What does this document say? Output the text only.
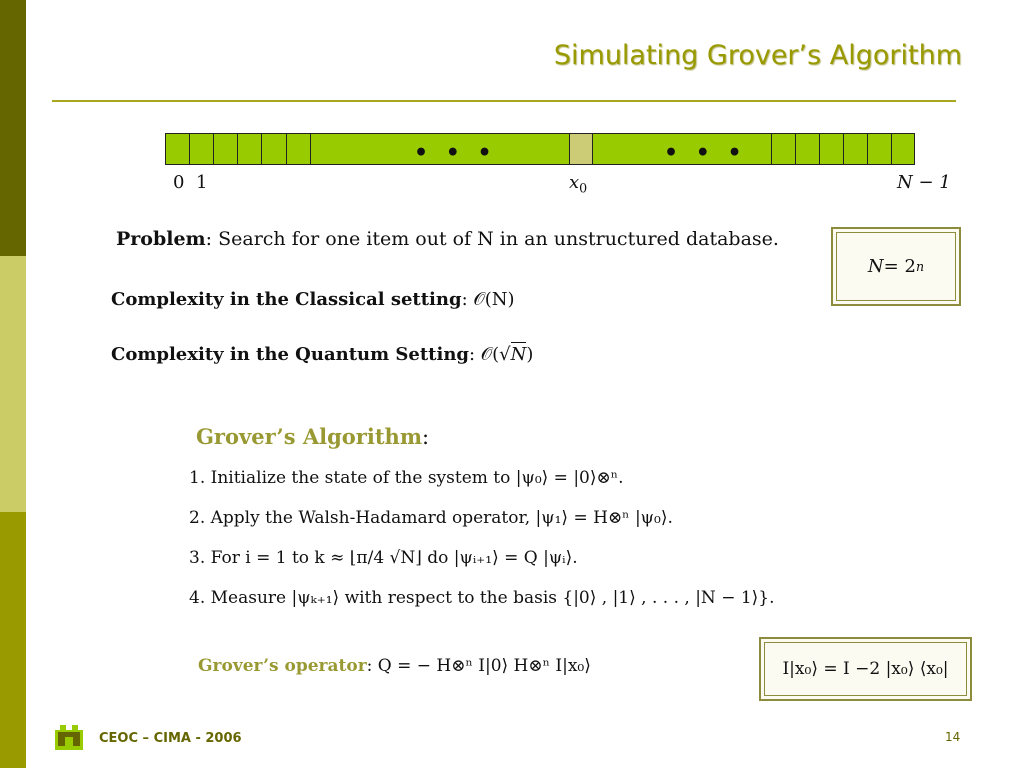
Simulating Grover’s Algorithm
• • •	• • •
0 1	$x_0$	N − 1
Problem: Search for one item out of N in an unstructured database.
Complexity in the Classical setting: 𝒪(N)
Complexity in the Quantum Setting: 𝒪(√N)
N = 2 n
Grover’s Algorithm:
1. Initialize the state of the system to |ψ₀⟩ = |0⟩⊗ⁿ.
2. Apply the Walsh-Hadamard operator, |ψ₁⟩ = H⊗ⁿ |ψ₀⟩.
3. For i = 1 to k ≈ ⌊π/4 √N⌋ do |ψᵢ₊₁⟩ = Q |ψᵢ⟩.
4. Measure |ψₖ₊₁⟩ with respect to the basis {|0⟩ , |1⟩ , . . . , |N − 1⟩}.
Grover’s operator: Q = − H⊗ⁿ I|0⟩ H⊗ⁿ I|x₀⟩	I|x₀⟩ = I −2 |x₀⟩ ⟨x₀|
CEOC – CIMA - 2006	14
